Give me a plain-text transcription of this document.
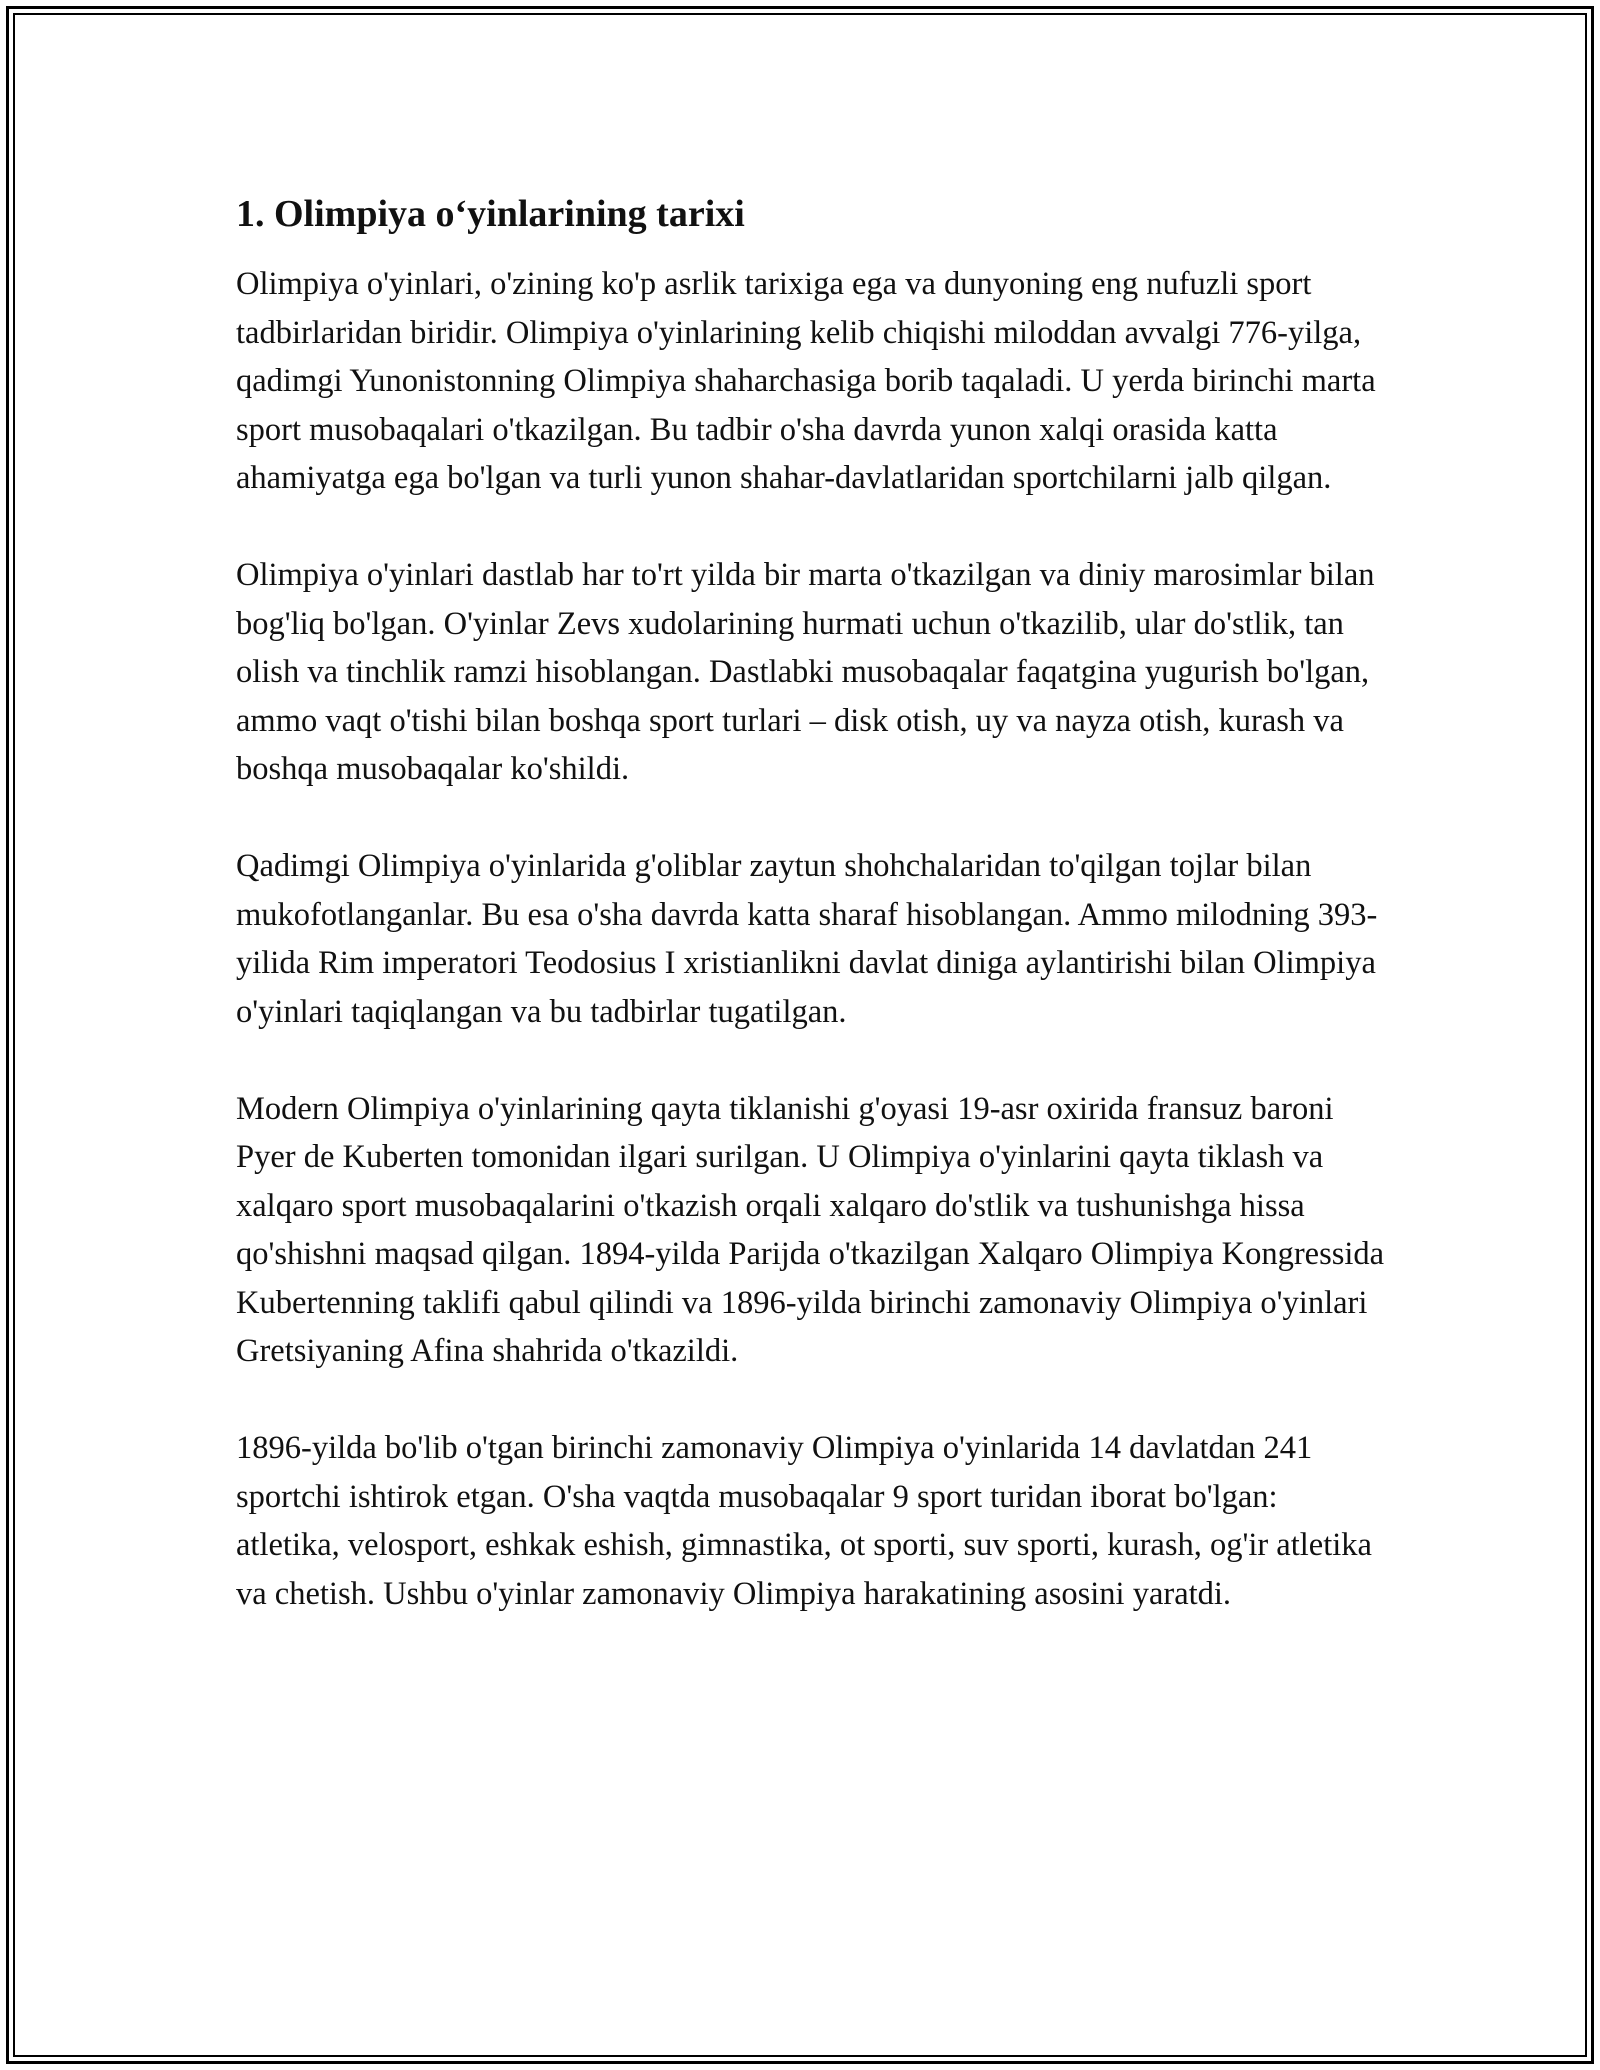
1. Olimpiya o‘yinlarining tarixi

Olimpiya o'yinlari, o'zining ko'p asrlik tarixiga ega va dunyoning eng nufuzli sport tadbirlaridan biridir. Olimpiya o'yinlarining kelib chiqishi miloddan avvalgi 776-yilga, qadimgi Yunonistonning Olimpiya shaharchasiga borib taqaladi. U yerda birinchi marta sport musobaqalari o'tkazilgan. Bu tadbir o'sha davrda yunon xalqi orasida katta ahamiyatga ega bo'lgan va turli yunon shahar-davlatlaridan sportchilarni jalb qilgan.

Olimpiya o'yinlari dastlab har to'rt yilda bir marta o'tkazilgan va diniy marosimlar bilan bog'liq bo'lgan. O'yinlar Zevs xudolarining hurmati uchun o'tkazilib, ular do'stlik, tan olish va tinchlik ramzi hisoblangan. Dastlabki musobaqalar faqatgina yugurish bo'lgan, ammo vaqt o'tishi bilan boshqa sport turlari – disk otish, uy va nayza otish, kurash va boshqa musobaqalar ko'shildi.

Qadimgi Olimpiya o'yinlarida g'oliblar zaytun shohchalaridan to'qilgan tojlar bilan mukofotlanganlar. Bu esa o'sha davrda katta sharaf hisoblangan. Ammo milodning 393-yilida Rim imperatori Teodosius I xristianlikni davlat diniga aylantirishi bilan Olimpiya o'yinlari taqiqlangan va bu tadbirlar tugatilgan.

Modern Olimpiya o'yinlarining qayta tiklanishi g'oyasi 19-asr oxirida fransuz baroni Pyer de Kuberten tomonidan ilgari surilgan. U Olimpiya o'yinlarini qayta tiklash va xalqaro sport musobaqalarini o'tkazish orqali xalqaro do'stlik va tushunishga hissa qo'shishni maqsad qilgan. 1894-yilda Parijda o'tkazilgan Xalqaro Olimpiya Kongressida Kubertenning taklifi qabul qilindi va 1896-yilda birinchi zamonaviy Olimpiya o'yinlari Gretsiyaning Afina shahrida o'tkazildi.

1896-yilda bo'lib o'tgan birinchi zamonaviy Olimpiya o'yinlarida 14 davlatdan 241 sportchi ishtirok etgan. O'sha vaqtda musobaqalar 9 sport turidan iborat bo'lgan: atletika, velosport, eshkak eshish, gimnastika, ot sporti, suv sporti, kurash, og'ir atletika va chetish. Ushbu o'yinlar zamonaviy Olimpiya harakatining asosini yaratdi.
